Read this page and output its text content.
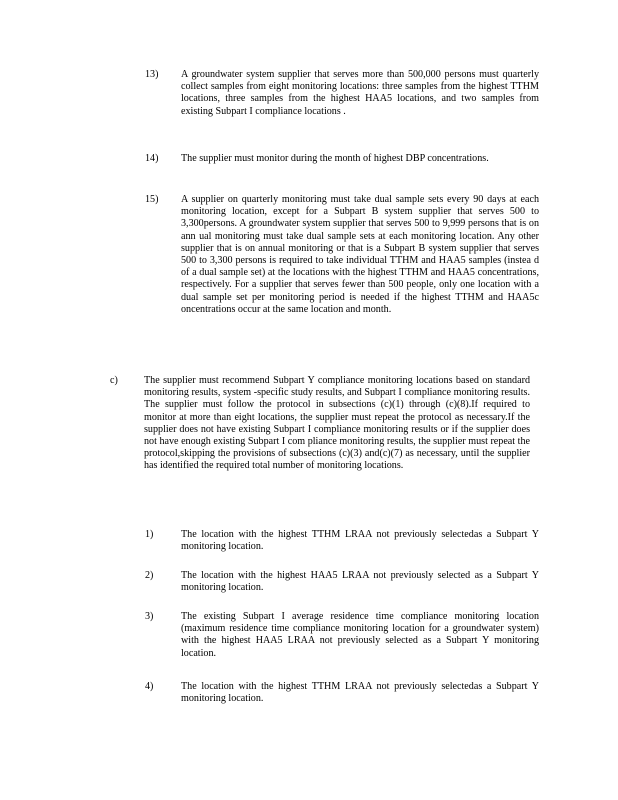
13) A groundwater system supplier that serves more than 500,000 persons must quarterly collect samples from eight monitoring locations: three samples from the highest TTHM locations, three samples from the highest HAA5 locations, and two samples from existing Subpart I compliance locations .
14) The supplier must monitor during the month of highest DBP concentrations.
15) A supplier on quarterly monitoring must take dual sample sets every 90 days at each monitoring location, except for a Subpart B system supplier that serves 500 to 3,300persons. A groundwater system supplier that serves 500 to 9,999 persons that is on ann ual monitoring must take dual sample sets at each monitoring location. Any other supplier that is on annual monitoring or that is a Subpart B system supplier that serves 500 to 3,300 persons is required to take individual TTHM and HAA5 samples (instea d of a dual sample set) at the locations with the highest TTHM and HAA5 concentrations, respectively. For a supplier that serves fewer than 500 people, only one location with a dual sample set per monitoring period is needed if the highest TTHM and HAA5c oncentrations occur at the same location and month.
c)	The supplier must recommend Subpart Y compliance monitoring locations based on standard monitoring results, system -specific study results, and Subpart I compliance monitoring results. The supplier must follow the protocol in subsections (c)(1) through (c)(8).If required to monitor at more than eight locations, the supplier must repeat the protocol as necessary.If the supplier does not have existing Subpart I compliance monitoring results or if the supplier does not have enough existing Subpart I com pliance monitoring results, the supplier must repeat the protocol,skipping the provisions of subsections (c)(3) and(c)(7) as necessary, until the supplier has identified the required total number of monitoring locations.
1)	The location with the highest TTHM LRAA not previously selectedas a Subpart Y monitoring location.
2)	The location with the highest HAA5 LRAA not previously selected as a Subpart Y monitoring location.
3)	The existing Subpart I average residence time compliance monitoring location (maximum residence time compliance monitoring location for a groundwater system) with the highest HAA5 LRAA not previously selected as a Subpart Y monitoring location.
4)	The location with the highest TTHM LRAA not previously selectedas a Subpart Y monitoring location.
